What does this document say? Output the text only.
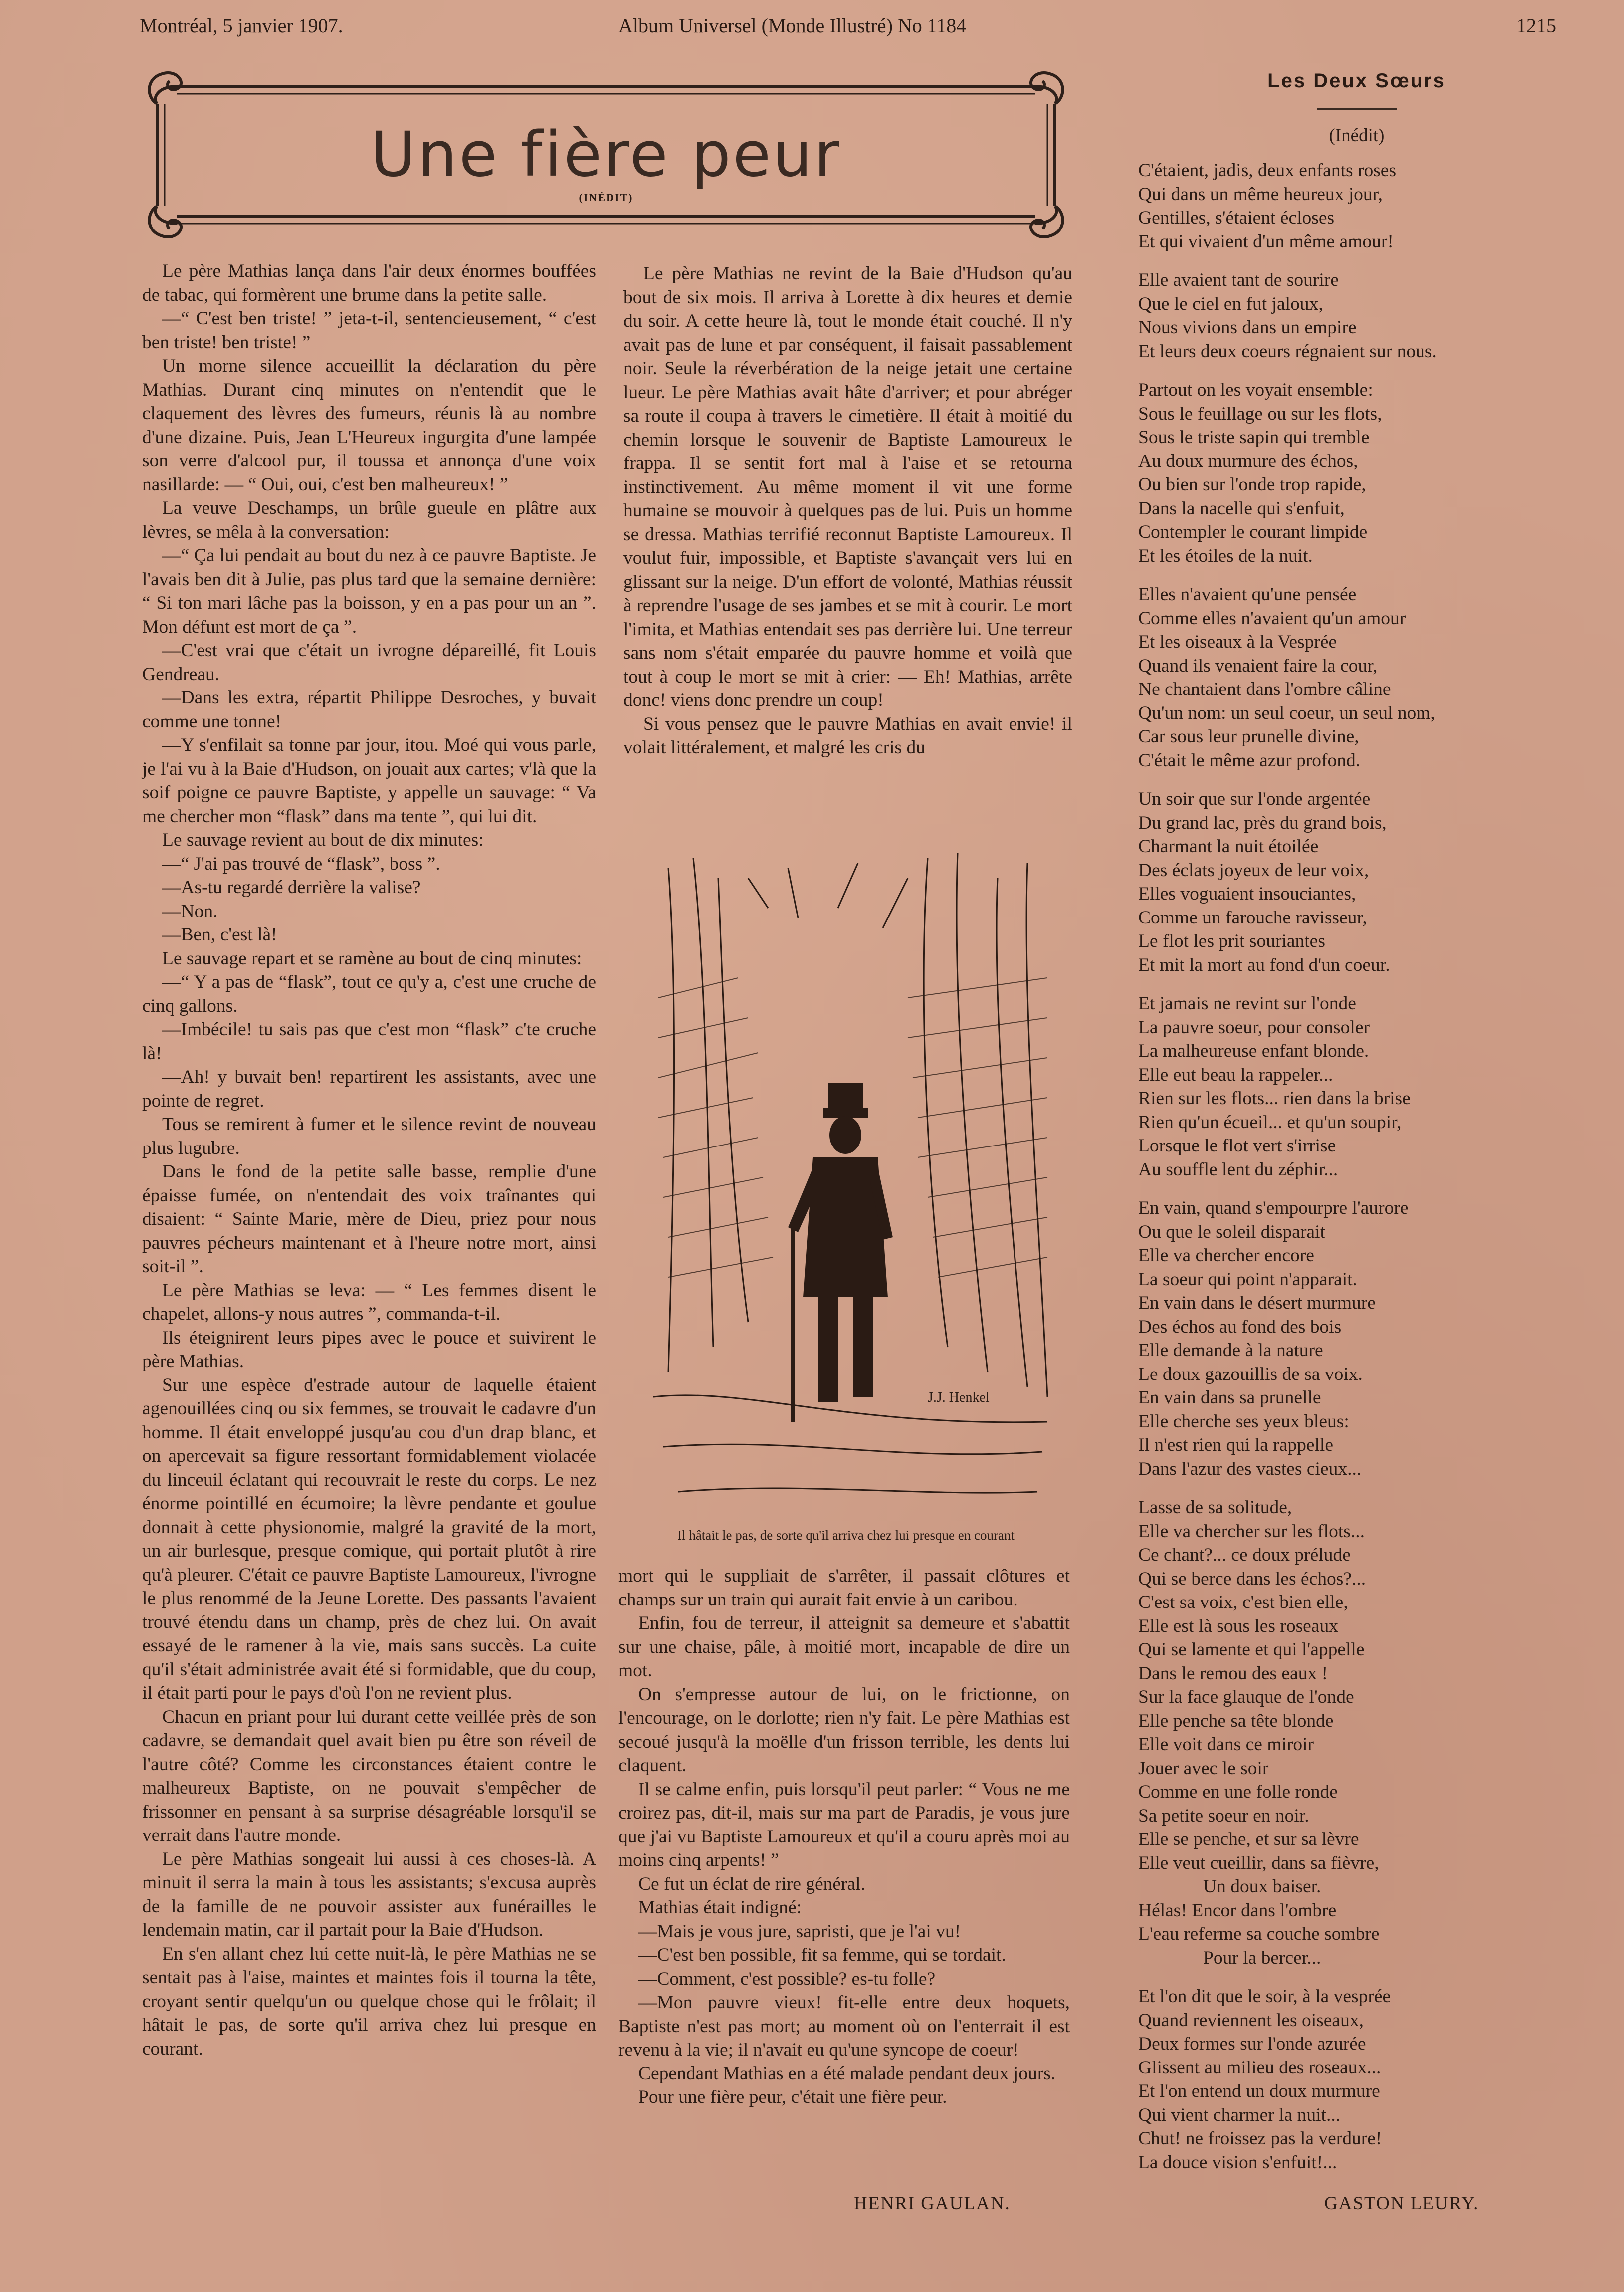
Montréal, 5 janvier 1907.	Album Universel (Monde Illustré) No 1184	1215
Une fière peur
(INÉDIT)

Le père Mathias lança dans l'air deux énormes bouffées de tabac, qui formèrent une brume dans la petite salle.

—“ C'est ben triste! ” jeta-t-il, sentencieusement, “ c'est ben triste! ben triste! ”

Un morne silence accueillit la déclaration du père Mathias. Durant cinq minutes on n'entendit que le claquement des lèvres des fumeurs, réunis là au nombre d'une dizaine. Puis, Jean L'Heureux ingurgita d'une lampée son verre d'alcool pur, il toussa et annonça d'une voix nasillarde: — “ Oui, oui, c'est ben malheureux! ”

La veuve Deschamps, un brûle gueule en plâtre aux lèvres, se mêla à la conversation:

—“ Ça lui pendait au bout du nez à ce pauvre Baptiste. Je l'avais ben dit à Julie, pas plus tard que la semaine dernière: “ Si ton mari lâche pas la boisson, y en a pas pour un an ”. Mon défunt est mort de ça ”.

—C'est vrai que c'était un ivrogne dépareillé, fit Louis Gendreau.

—Dans les extra, répartit Philippe Desroches, y buvait comme une tonne!

—Y s'enfilait sa tonne par jour, itou. Moé qui vous parle, je l'ai vu à la Baie d'Hudson, on jouait aux cartes; v'là que la soif poigne ce pauvre Baptiste, y appelle un sauvage: “ Va me chercher mon “flask” dans ma tente ”, qui lui dit.

Le sauvage revient au bout de dix minutes:

—“ J'ai pas trouvé de “flask”, boss ”.

—As-tu regardé derrière la valise?

—Non.

—Ben, c'est là!

Le sauvage repart et se ramène au bout de cinq minutes:

—“ Y a pas de “flask”, tout ce qu'y a, c'est une cruche de cinq gallons.

—Imbécile! tu sais pas que c'est mon “flask” c'te cruche là!

—Ah! y buvait ben! repartirent les assistants, avec une pointe de regret.

Tous se remirent à fumer et le silence revint de nouveau plus lugubre.

Dans le fond de la petite salle basse, remplie d'une épaisse fumée, on n'entendait des voix traînantes qui disaient: “ Sainte Marie, mère de Dieu, priez pour nous pauvres pécheurs maintenant et à l'heure notre mort, ainsi soit-il ”.

Le père Mathias se leva: — “ Les femmes disent le chapelet, allons-y nous autres ”, commanda-t-il.

Ils éteignirent leurs pipes avec le pouce et suivirent le père Mathias.

Sur une espèce d'estrade autour de laquelle étaient agenouillées cinq ou six femmes, se trouvait le cadavre d'un homme. Il était enveloppé jusqu'au cou d'un drap blanc, et on apercevait sa figure ressortant formidablement violacée du linceuil éclatant qui recouvrait le reste du corps. Le nez énorme pointillé en écumoire; la lèvre pendante et goulue donnait à cette physionomie, malgré la gravité de la mort, un air burlesque, presque comique, qui portait plutôt à rire qu'à pleurer. C'était ce pauvre Baptiste Lamoureux, l'ivrogne le plus renommé de la Jeune Lorette. Des passants l'avaient trouvé étendu dans un champ, près de chez lui. On avait essayé de le ramener à la vie, mais sans succès. La cuite qu'il s'était administrée avait été si formidable, que du coup, il était parti pour le pays d'où l'on ne revient plus.

Chacun en priant pour lui durant cette veillée près de son cadavre, se demandait quel avait bien pu être son réveil de l'autre côté? Comme les circonstances étaient contre le malheureux Baptiste, on ne pouvait s'empêcher de frissonner en pensant à sa surprise désagréable lorsqu'il se verrait dans l'autre monde.

Le père Mathias songeait lui aussi à ces choses-là. A minuit il serra la main à tous les assistants; s'excusa auprès de la famille de ne pouvoir assister aux funérailles le lendemain matin, car il partait pour la Baie d'Hudson.

En s'en allant chez lui cette nuit-là, le père Mathias ne se sentait pas à l'aise, maintes et maintes fois il tourna la tête, croyant sentir quelqu'un ou quelque chose qui le frôlait; il hâtait le pas, de sorte qu'il arriva chez lui presque en courant.

Le père Mathias ne revint de la Baie d'Hudson qu'au bout de six mois. Il arriva à Lorette à dix heures et demie du soir. A cette heure là, tout le monde était couché. Il n'y avait pas de lune et par conséquent, il faisait passablement noir. Seule la réverbération de la neige jetait une certaine lueur. Le père Mathias avait hâte d'arriver; et pour abréger sa route il coupa à travers le cimetière. Il était à moitié du chemin lorsque le souvenir de Baptiste Lamoureux le frappa. Il se sentit fort mal à l'aise et se retourna instinctivement. Au même moment il vit une forme humaine se mouvoir à quelques pas de lui. Puis un homme se dressa. Mathias terrifié reconnut Baptiste Lamoureux. Il voulut fuir, impossible, et Baptiste s'avançait vers lui en glissant sur la neige. D'un effort de volonté, Mathias réussit à reprendre l'usage de ses jambes et se mit à courir. Le mort l'imita, et Mathias entendait ses pas derrière lui. Une terreur sans nom s'était emparée du pauvre homme et voilà que tout à coup le mort se mit à crier: — Eh! Mathias, arrête donc! viens donc prendre un coup!

Si vous pensez que le pauvre Mathias en avait envie! il volait littéralement, et malgré les cris du

J.J. Henkel
Il hâtait le pas, de sorte qu'il arriva chez lui presque en courant

mort qui le suppliait de s'arrêter, il passait clôtures et champs sur un train qui aurait fait envie à un caribou.

Enfin, fou de terreur, il atteignit sa demeure et s'abattit sur une chaise, pâle, à moitié mort, incapable de dire un mot.

On s'empresse autour de lui, on le frictionne, on l'encourage, on le dorlotte; rien n'y fait. Le père Mathias est secoué jusqu'à la moëlle d'un frisson terrible, les dents lui claquent.

Il se calme enfin, puis lorsqu'il peut parler: “ Vous ne me croirez pas, dit-il, mais sur ma part de Paradis, je vous jure que j'ai vu Baptiste Lamoureux et qu'il a couru après moi au moins cinq arpents! ”

Ce fut un éclat de rire général.

Mathias était indigné:

—Mais je vous jure, sapristi, que je l'ai vu!

—C'est ben possible, fit sa femme, qui se tordait.

—Comment, c'est possible? es-tu folle?

—Mon pauvre vieux! fit-elle entre deux hoquets, Baptiste n'est pas mort; au moment où on l'enterrait il est revenu à la vie; il n'avait eu qu'une syncope de coeur!

Cependant Mathias en a été malade pendant deux jours.

Pour une fière peur, c'était une fière peur.

HENRI GAULAN.
Les Deux Sœurs
(Inédit)
C'étaient, jadis, deux enfants roses
Qui dans un même heureux jour,
Gentilles, s'étaient écloses
Et qui vivaient d'un même amour!
Elle avaient tant de sourire
Que le ciel en fut jaloux,
Nous vivions dans un empire
Et leurs deux coeurs régnaient sur nous.
Partout on les voyait ensemble:
Sous le feuillage ou sur les flots,
Sous le triste sapin qui tremble
Au doux murmure des échos,
Ou bien sur l'onde trop rapide,
Dans la nacelle qui s'enfuit,
Contempler le courant limpide
Et les étoiles de la nuit.
Elles n'avaient qu'une pensée
Comme elles n'avaient qu'un amour
Et les oiseaux à la Vesprée
Quand ils venaient faire la cour,
Ne chantaient dans l'ombre câline
Qu'un nom: un seul coeur, un seul nom,
Car sous leur prunelle divine,
C'était le même azur profond.
Un soir que sur l'onde argentée
Du grand lac, près du grand bois,
Charmant la nuit étoilée
Des éclats joyeux de leur voix,
Elles voguaient insouciantes,
Comme un farouche ravisseur,
Le flot les prit souriantes
Et mit la mort au fond d'un coeur.
Et jamais ne revint sur l'onde
La pauvre soeur, pour consoler
La malheureuse enfant blonde.
Elle eut beau la rappeler...
Rien sur les flots... rien dans la brise
Rien qu'un écueil... et qu'un soupir,
Lorsque le flot vert s'irrise
Au souffle lent du zéphir...
En vain, quand s'empourpre l'aurore
Ou que le soleil disparait
Elle va chercher encore
La soeur qui point n'apparait.
En vain dans le désert murmure
Des échos au fond des bois
Elle demande à la nature
Le doux gazouillis de sa voix.
En vain dans sa prunelle
Elle cherche ses yeux bleus:
Il n'est rien qui la rappelle
Dans l'azur des vastes cieux...
Lasse de sa solitude,
Elle va chercher sur les flots...
Ce chant?... ce doux prélude
Qui se berce dans les échos?...
C'est sa voix, c'est bien elle,
Elle est là sous les roseaux
Qui se lamente et qui l'appelle
Dans le remou des eaux !
Sur la face glauque de l'onde
Elle penche sa tête blonde
Elle voit dans ce miroir
Jouer avec le soir
Comme en une folle ronde
Sa petite soeur en noir.
Elle se penche, et sur sa lèvre
Elle veut cueillir, dans sa fièvre,
Un doux baiser.
Hélas! Encor dans l'ombre
L'eau referme sa couche sombre
Pour la bercer...
Et l'on dit que le soir, à la vesprée
Quand reviennent les oiseaux,
Deux formes sur l'onde azurée
Glissent au milieu des roseaux...
Et l'on entend un doux murmure
Qui vient charmer la nuit...
Chut! ne froissez pas la verdure!
La douce vision s'enfuit!...
GASTON LEURY.
